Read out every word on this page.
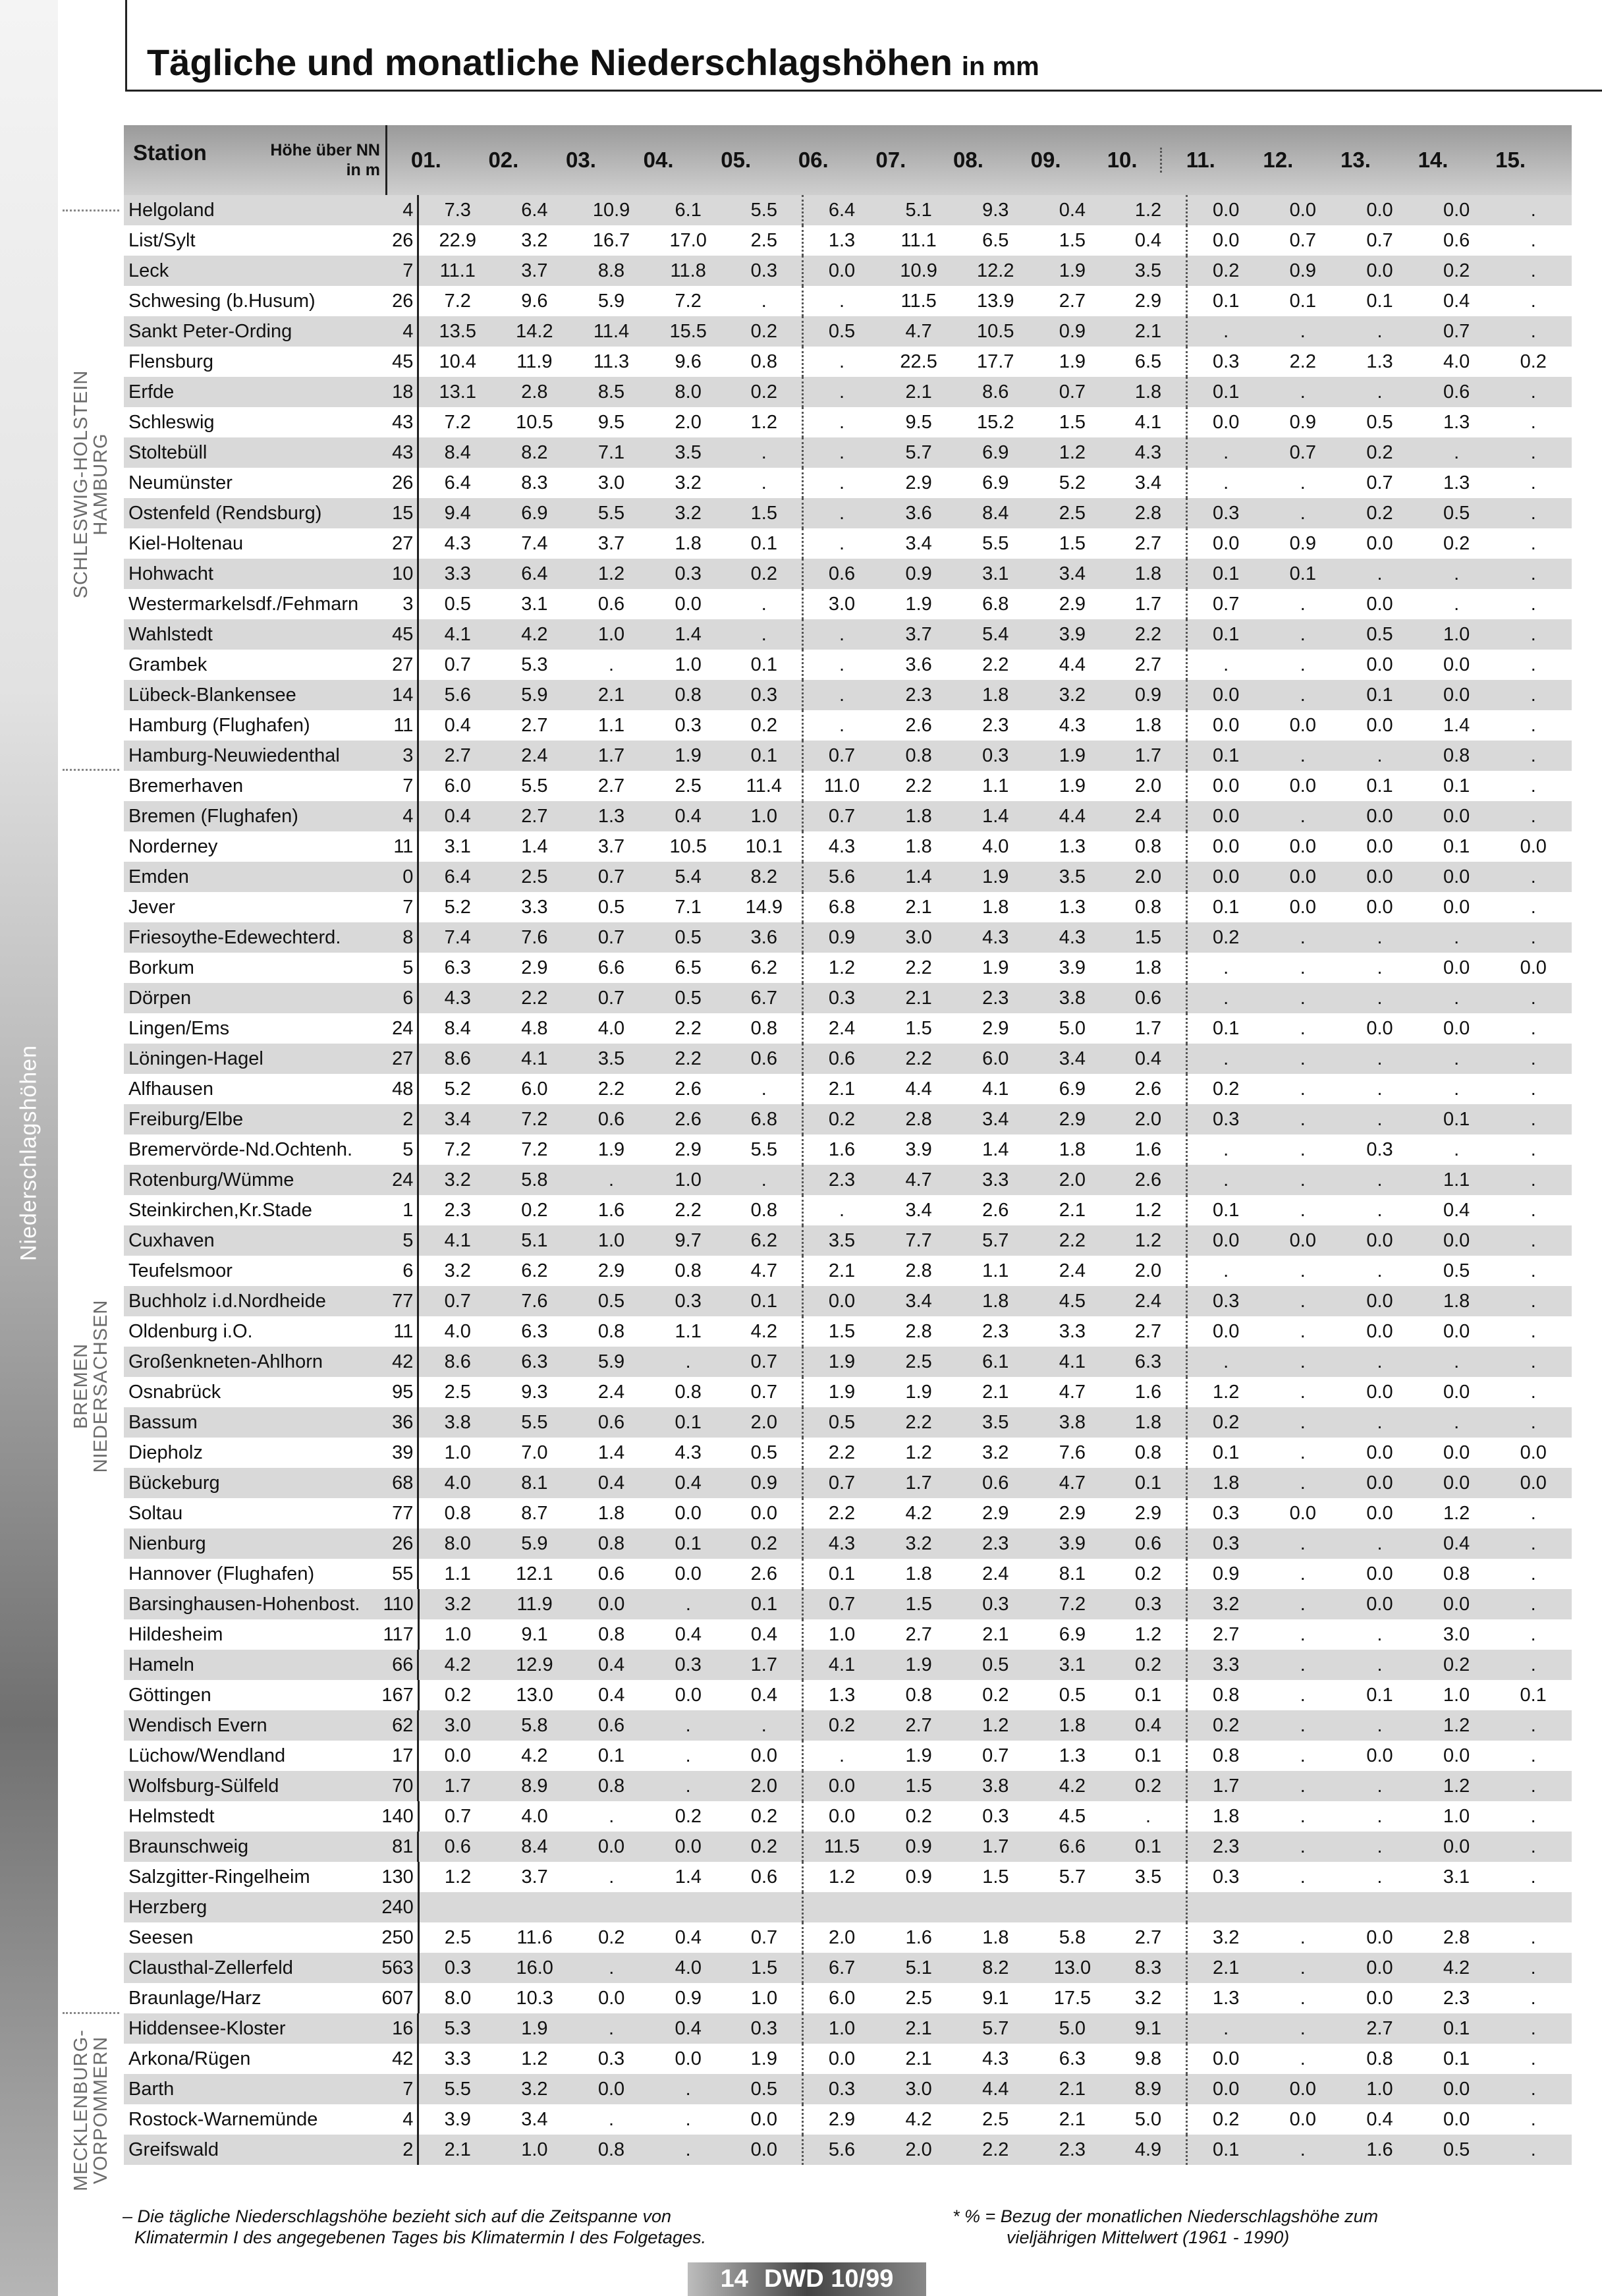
Niederschlagshöhen
Tägliche und monatliche Niederschlagshöhen in mm
SCHLESWIG-HOLSTEIN
HAMBURG
BREMEN
NIEDERSACHSEN
MECKLENBURG-
VORPOMMERN
Station	Höhe über NN
in m	01.	02.	03.	04.	05.	06.	07.	08.	09.	10.	11.	12.	13.	14.	15.
Helgoland	4	7.3	6.4	10.9	6.1	5.5	6.4	5.1	9.3	0.4	1.2	0.0	0.0	0.0	0.0	.
List/Sylt	26	22.9	3.2	16.7	17.0	2.5	1.3	11.1	6.5	1.5	0.4	0.0	0.7	0.7	0.6	.
Leck	7	11.1	3.7	8.8	11.8	0.3	0.0	10.9	12.2	1.9	3.5	0.2	0.9	0.0	0.2	.
Schwesing (b.Husum)	26	7.2	9.6	5.9	7.2	.	.	11.5	13.9	2.7	2.9	0.1	0.1	0.1	0.4	.
Sankt Peter-Ording	4	13.5	14.2	11.4	15.5	0.2	0.5	4.7	10.5	0.9	2.1	.	.	.	0.7	.
Flensburg	45	10.4	11.9	11.3	9.6	0.8	.	22.5	17.7	1.9	6.5	0.3	2.2	1.3	4.0	0.2
Erfde	18	13.1	2.8	8.5	8.0	0.2	.	2.1	8.6	0.7	1.8	0.1	.	.	0.6	.
Schleswig	43	7.2	10.5	9.5	2.0	1.2	.	9.5	15.2	1.5	4.1	0.0	0.9	0.5	1.3	.
Stoltebüll	43	8.4	8.2	7.1	3.5	.	.	5.7	6.9	1.2	4.3	.	0.7	0.2	.	.
Neumünster	26	6.4	8.3	3.0	3.2	.	.	2.9	6.9	5.2	3.4	.	.	0.7	1.3	.
Ostenfeld (Rendsburg)	15	9.4	6.9	5.5	3.2	1.5	.	3.6	8.4	2.5	2.8	0.3	.	0.2	0.5	.
Kiel-Holtenau	27	4.3	7.4	3.7	1.8	0.1	.	3.4	5.5	1.5	2.7	0.0	0.9	0.0	0.2	.
Hohwacht	10	3.3	6.4	1.2	0.3	0.2	0.6	0.9	3.1	3.4	1.8	0.1	0.1	.	.	.
Westermarkelsdf./Fehmarn	3	0.5	3.1	0.6	0.0	.	3.0	1.9	6.8	2.9	1.7	0.7	.	0.0	.	.
Wahlstedt	45	4.1	4.2	1.0	1.4	.	.	3.7	5.4	3.9	2.2	0.1	.	0.5	1.0	.
Grambek	27	0.7	5.3	.	1.0	0.1	.	3.6	2.2	4.4	2.7	.	.	0.0	0.0	.
Lübeck-Blankensee	14	5.6	5.9	2.1	0.8	0.3	.	2.3	1.8	3.2	0.9	0.0	.	0.1	0.0	.
Hamburg (Flughafen)	11	0.4	2.7	1.1	0.3	0.2	.	2.6	2.3	4.3	1.8	0.0	0.0	0.0	1.4	.
Hamburg-Neuwiedenthal	3	2.7	2.4	1.7	1.9	0.1	0.7	0.8	0.3	1.9	1.7	0.1	.	.	0.8	.
Bremerhaven	7	6.0	5.5	2.7	2.5	11.4	11.0	2.2	1.1	1.9	2.0	0.0	0.0	0.1	0.1	.
Bremen (Flughafen)	4	0.4	2.7	1.3	0.4	1.0	0.7	1.8	1.4	4.4	2.4	0.0	.	0.0	0.0	.
Norderney	11	3.1	1.4	3.7	10.5	10.1	4.3	1.8	4.0	1.3	0.8	0.0	0.0	0.0	0.1	0.0
Emden	0	6.4	2.5	0.7	5.4	8.2	5.6	1.4	1.9	3.5	2.0	0.0	0.0	0.0	0.0	.
Jever	7	5.2	3.3	0.5	7.1	14.9	6.8	2.1	1.8	1.3	0.8	0.1	0.0	0.0	0.0	.
Friesoythe-Edewechterd.	8	7.4	7.6	0.7	0.5	3.6	0.9	3.0	4.3	4.3	1.5	0.2	.	.	.	.
Borkum	5	6.3	2.9	6.6	6.5	6.2	1.2	2.2	1.9	3.9	1.8	.	.	.	0.0	0.0
Dörpen	6	4.3	2.2	0.7	0.5	6.7	0.3	2.1	2.3	3.8	0.6	.	.	.	.	.
Lingen/Ems	24	8.4	4.8	4.0	2.2	0.8	2.4	1.5	2.9	5.0	1.7	0.1	.	0.0	0.0	.
Löningen-Hagel	27	8.6	4.1	3.5	2.2	0.6	0.6	2.2	6.0	3.4	0.4	.	.	.	.	.
Alfhausen	48	5.2	6.0	2.2	2.6	.	2.1	4.4	4.1	6.9	2.6	0.2	.	.	.	.
Freiburg/Elbe	2	3.4	7.2	0.6	2.6	6.8	0.2	2.8	3.4	2.9	2.0	0.3	.	.	0.1	.
Bremervörde-Nd.Ochtenh.	5	7.2	7.2	1.9	2.9	5.5	1.6	3.9	1.4	1.8	1.6	.	.	0.3	.	.
Rotenburg/Wümme	24	3.2	5.8	.	1.0	.	2.3	4.7	3.3	2.0	2.6	.	.	.	1.1	.
Steinkirchen,Kr.Stade	1	2.3	0.2	1.6	2.2	0.8	.	3.4	2.6	2.1	1.2	0.1	.	.	0.4	.
Cuxhaven	5	4.1	5.1	1.0	9.7	6.2	3.5	7.7	5.7	2.2	1.2	0.0	0.0	0.0	0.0	.
Teufelsmoor	6	3.2	6.2	2.9	0.8	4.7	2.1	2.8	1.1	2.4	2.0	.	.	.	0.5	.
Buchholz i.d.Nordheide	77	0.7	7.6	0.5	0.3	0.1	0.0	3.4	1.8	4.5	2.4	0.3	.	0.0	1.8	.
Oldenburg i.O.	11	4.0	6.3	0.8	1.1	4.2	1.5	2.8	2.3	3.3	2.7	0.0	.	0.0	0.0	.
Großenkneten-Ahlhorn	42	8.6	6.3	5.9	.	0.7	1.9	2.5	6.1	4.1	6.3	.	.	.	.	.
Osnabrück	95	2.5	9.3	2.4	0.8	0.7	1.9	1.9	2.1	4.7	1.6	1.2	.	0.0	0.0	.
Bassum	36	3.8	5.5	0.6	0.1	2.0	0.5	2.2	3.5	3.8	1.8	0.2	.	.	.	.
Diepholz	39	1.0	7.0	1.4	4.3	0.5	2.2	1.2	3.2	7.6	0.8	0.1	.	0.0	0.0	0.0
Bückeburg	68	4.0	8.1	0.4	0.4	0.9	0.7	1.7	0.6	4.7	0.1	1.8	.	0.0	0.0	0.0
Soltau	77	0.8	8.7	1.8	0.0	0.0	2.2	4.2	2.9	2.9	2.9	0.3	0.0	0.0	1.2	.
Nienburg	26	8.0	5.9	0.8	0.1	0.2	4.3	3.2	2.3	3.9	0.6	0.3	.	.	0.4	.
Hannover (Flughafen)	55	1.1	12.1	0.6	0.0	2.6	0.1	1.8	2.4	8.1	0.2	0.9	.	0.0	0.8	.
Barsinghausen-Hohenbost.	110	3.2	11.9	0.0	.	0.1	0.7	1.5	0.3	7.2	0.3	3.2	.	0.0	0.0	.
Hildesheim	117	1.0	9.1	0.8	0.4	0.4	1.0	2.7	2.1	6.9	1.2	2.7	.	.	3.0	.
Hameln	66	4.2	12.9	0.4	0.3	1.7	4.1	1.9	0.5	3.1	0.2	3.3	.	.	0.2	.
Göttingen	167	0.2	13.0	0.4	0.0	0.4	1.3	0.8	0.2	0.5	0.1	0.8	.	0.1	1.0	0.1
Wendisch Evern	62	3.0	5.8	0.6	.	.	0.2	2.7	1.2	1.8	0.4	0.2	.	.	1.2	.
Lüchow/Wendland	17	0.0	4.2	0.1	.	0.0	.	1.9	0.7	1.3	0.1	0.8	.	0.0	0.0	.
Wolfsburg-Sülfeld	70	1.7	8.9	0.8	.	2.0	0.0	1.5	3.8	4.2	0.2	1.7	.	.	1.2	.
Helmstedt	140	0.7	4.0	.	0.2	0.2	0.0	0.2	0.3	4.5	.	1.8	.	.	1.0	.
Braunschweig	81	0.6	8.4	0.0	0.0	0.2	11.5	0.9	1.7	6.6	0.1	2.3	.	.	0.0	.
Salzgitter-Ringelheim	130	1.2	3.7	.	1.4	0.6	1.2	0.9	1.5	5.7	3.5	0.3	.	.	3.1	.
Herzberg	240
Seesen	250	2.5	11.6	0.2	0.4	0.7	2.0	1.6	1.8	5.8	2.7	3.2	.	0.0	2.8	.
Clausthal-Zellerfeld	563	0.3	16.0	.	4.0	1.5	6.7	5.1	8.2	13.0	8.3	2.1	.	0.0	4.2	.
Braunlage/Harz	607	8.0	10.3	0.0	0.9	1.0	6.0	2.5	9.1	17.5	3.2	1.3	.	0.0	2.3	.
Hiddensee-Kloster	16	5.3	1.9	.	0.4	0.3	1.0	2.1	5.7	5.0	9.1	.	.	2.7	0.1	.
Arkona/Rügen	42	3.3	1.2	0.3	0.0	1.9	0.0	2.1	4.3	6.3	9.8	0.0	.	0.8	0.1	.
Barth	7	5.5	3.2	0.0	.	0.5	0.3	3.0	4.4	2.1	8.9	0.0	0.0	1.0	0.0	.
Rostock-Warnemünde	4	3.9	3.4	.	.	0.0	2.9	4.2	2.5	2.1	5.0	0.2	0.0	0.4	0.0	.
Greifswald	2	2.1	1.0	0.8	.	0.0	5.6	2.0	2.2	2.3	4.9	0.1	.	1.6	0.5	.
– Die tägliche Niederschlagshöhe bezieht sich auf die Zeitspanne von
Klimatermin I des angegebenen Tages bis Klimatermin I des Folgetages.
* % = Bezug der monatlichen Niederschlagshöhe zum
vieljährigen Mittelwert (1961 - 1990)
14 DWD 10/99
